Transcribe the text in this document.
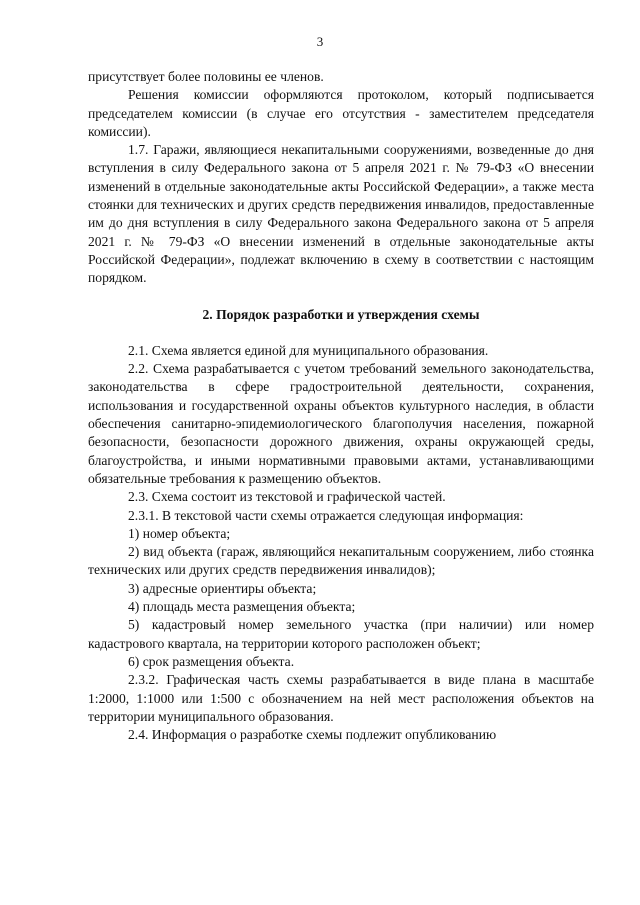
3

присутствует более половины ее членов.

Решения комиссии оформляются протоколом, который подписывается председателем комиссии (в случае его отсутствия - заместителем председателя комиссии).

1.7. Гаражи, являющиеся некапитальными сооружениями, возведенные до дня вступления в силу Федерального закона от 5 апреля 2021 г. № 79-ФЗ «О внесении изменений в отдельные законодательные акты Российской Федерации», а также места стоянки для технических и других средств передвижения инвалидов, предоставленные им до дня вступления в силу Федерального закона Федерального закона от 5 апреля 2021 г. № 79-ФЗ «О внесении изменений в отдельные законодательные акты Российской Федерации», подлежат включению в схему в соответствии с настоящим порядком.

2. Порядок разработки и утверждения схемы

2.1. Схема является единой для муниципального образования.

2.2. Схема разрабатывается с учетом требований земельного законодательства, законодательства в сфере градостроительной деятельности, сохранения, использования и государственной охраны объектов культурного наследия, в области обеспечения санитарно-эпидемиологического благополучия населения, пожарной безопасности, безопасности дорожного движения, охраны окружающей среды, благоустройства, и иными нормативными правовыми актами, устанавливающими обязательные требования к размещению объектов.

2.3. Схема состоит из текстовой и графической частей.

2.3.1. В текстовой части схемы отражается следующая информация:

1) номер объекта;

2) вид объекта (гараж, являющийся некапитальным сооружением, либо стоянка технических или других средств передвижения инвалидов);

3) адресные ориентиры объекта;

4) площадь места размещения объекта;

5) кадастровый номер земельного участка (при наличии) или номер кадастрового квартала, на территории которого расположен объект;

6) срок размещения объекта.

2.3.2. Графическая часть схемы разрабатывается в виде плана в масштабе 1:2000, 1:1000 или 1:500 с обозначением на ней мест расположения объектов на территории муниципального образования.

2.4. Информация о разработке схемы подлежит опубликованию
